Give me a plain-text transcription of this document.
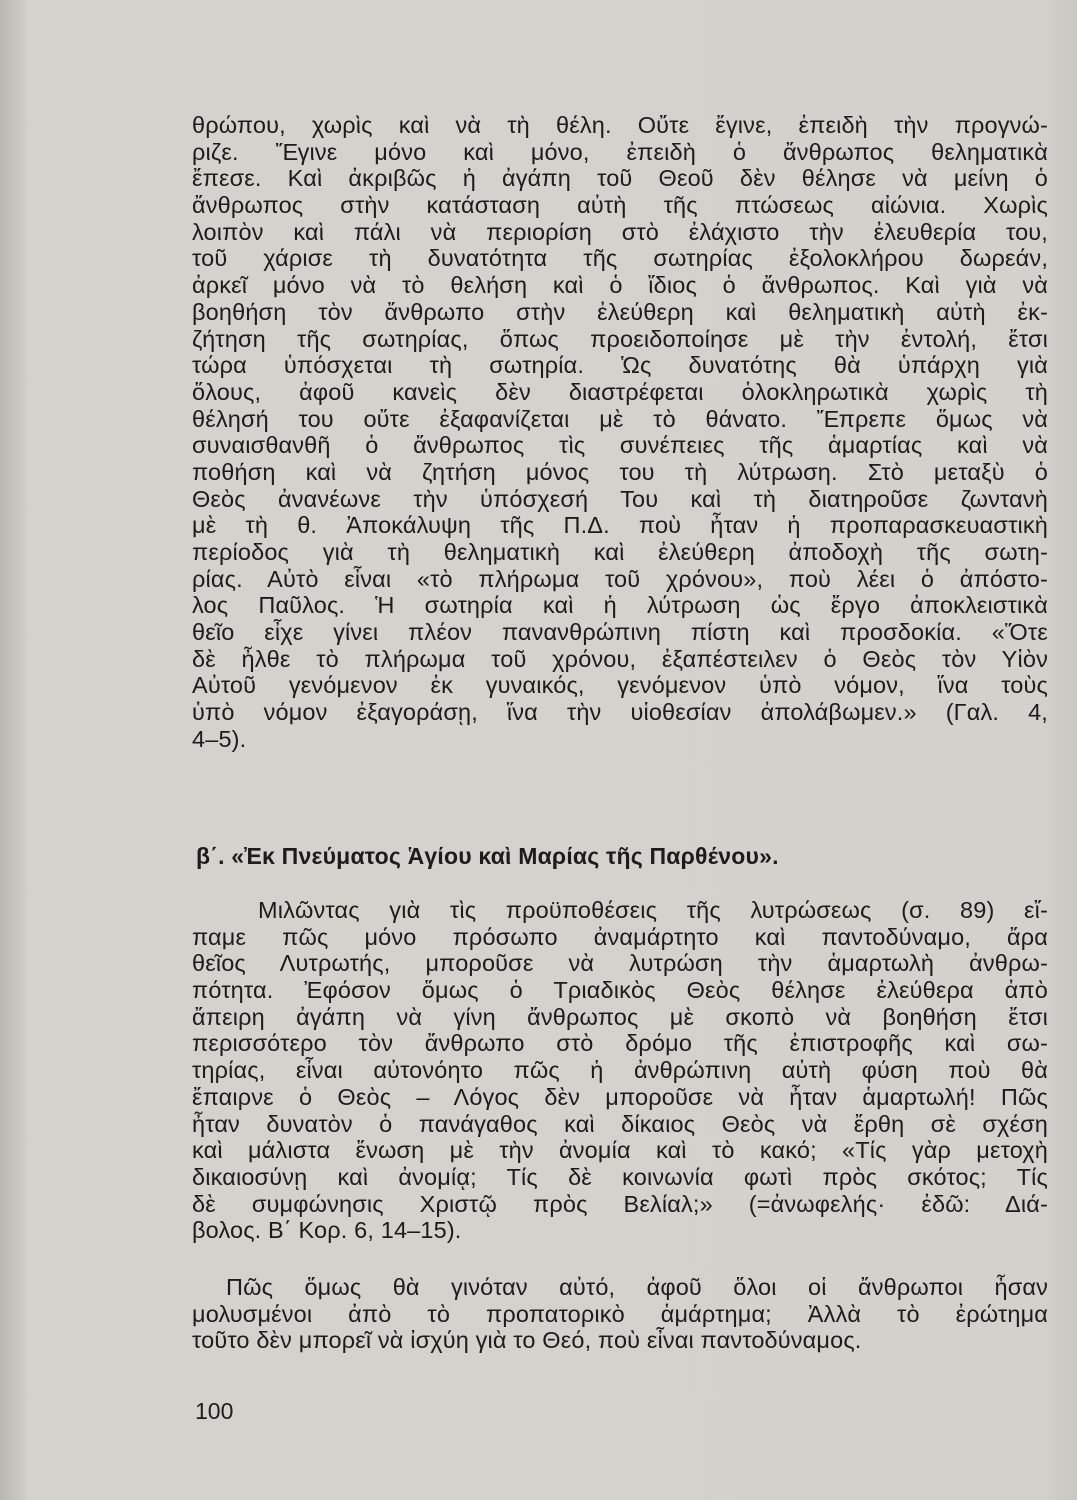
θρώπου, χωρὶς καὶ νὰ τὴ θέλη. Οὔτε ἔγινε, ἐπειδὴ τὴν προγνώ-
ριζε. Ἔγινε μόνο καὶ μόνο, ἐπειδὴ ὁ ἄνθρωπος θεληματικὰ
ἔπεσε. Καὶ ἀκριβῶς ἡ ἀγάπη τοῦ Θεοῦ δὲν θέλησε νὰ μείνη ὁ
ἄνθρωπος στὴν κατάσταση αὐτὴ τῆς πτώσεως αἰώνια. Χωρὶς
λοιπὸν καὶ πάλι νὰ περιορίση στὸ ἐλάχιστο τὴν ἐλευθερία του,
τοῦ χάρισε τὴ δυνατότητα τῆς σωτηρίας ἐξολοκλήρου δωρεάν,
ἀρκεῖ μόνο νὰ τὸ θελήση καὶ ὁ ἴδιος ὁ ἄνθρωπος. Καὶ γιὰ νὰ
βοηθήση τὸν ἄνθρωπο στὴν ἐλεύθερη καὶ θεληματικὴ αὐτὴ ἐκ-
ζήτηση τῆς σωτηρίας, ὅπως προειδοποίησε μὲ τὴν ἐντολή, ἔτσι
τώρα ὑπόσχεται τὴ σωτηρία. Ὡς δυνατότης θὰ ὑπάρχη γιὰ
ὅλους, ἀφοῦ κανεὶς δὲν διαστρέφεται ὁλοκληρωτικὰ χωρὶς τὴ
θέλησή του οὔτε ἐξαφανίζεται μὲ τὸ θάνατο. Ἔπρεπε ὅμως νὰ
συναισθανθῆ ὁ ἄνθρωπος τὶς συνέπειες τῆς ἁμαρτίας καὶ νὰ
ποθήση καὶ νὰ ζητήση μόνος του τὴ λύτρωση. Στὸ μεταξὺ ὁ
Θεὸς ἀνανέωνε τὴν ὑπόσχεσή Του καὶ τὴ διατηροῦσε ζωντανὴ
μὲ τὴ θ. Ἀποκάλυψη τῆς Π.Δ. ποὺ ἦταν ἡ προπαρασκευαστικὴ
περίοδος γιὰ τὴ θεληματικὴ καὶ ἐλεύθερη ἀποδοχὴ τῆς σωτη-
ρίας. Αὐτὸ εἶναι «τὸ πλήρωμα τοῦ χρόνου», ποὺ λέει ὁ ἀπόστο-
λος Παῦλος. Ἡ σωτηρία καὶ ἡ λύτρωση ὡς ἔργο ἀποκλειστικὰ
θεῖο εἶχε γίνει πλέον πανανθρώπινη πίστη καὶ προσδοκία. «Ὅτε
δὲ ἦλθε τὸ πλήρωμα τοῦ χρόνου, ἐξαπέστειλεν ὁ Θεὸς τὸν Υἱὸν
Αὐτοῦ γενόμενον ἐκ γυναικός, γενόμενον ὑπὸ νόμον, ἵνα τοὺς
ὑπὸ νόμον ἐξαγοράσῃ, ἵνα τὴν υἱοθεσίαν ἀπολάβωμεν.» (Γαλ. 4,
4–5).
β΄. «Ἐκ Πνεύματος Ἁγίου καὶ Μαρίας τῆς Παρθένου».
Μιλῶντας γιὰ τὶς προϋποθέσεις τῆς λυτρώσεως (σ. 89) εἴ-
παμε πῶς μόνο πρόσωπο ἀναμάρτητο καὶ παντοδύναμο, ἄρα
θεῖος Λυτρωτής, μποροῦσε νὰ λυτρώση τὴν ἁμαρτωλὴ ἀνθρω-
πότητα. Ἐφόσον ὅμως ὁ Τριαδικὸς Θεὸς θέλησε ἐλεύθερα ἀπὸ
ἄπειρη ἀγάπη νὰ γίνη ἄνθρωπος μὲ σκοπὸ νὰ βοηθήση ἔτσι
περισσότερο τὸν ἄνθρωπο στὸ δρόμο τῆς ἐπιστροφῆς καὶ σω-
τηρίας, εἶναι αὐτονόητο πῶς ἡ ἀνθρώπινη αὐτὴ φύση ποὺ θὰ
ἔπαιρνε ὁ Θεὸς – Λόγος δὲν μποροῦσε νὰ ἦταν ἁμαρτωλή! Πῶς
ἦταν δυνατὸν ὁ πανάγαθος καὶ δίκαιος Θεὸς νὰ ἔρθη σὲ σχέση
καὶ μάλιστα ἕνωση μὲ τὴν ἀνομία καὶ τὸ κακό; «Τίς γὰρ μετοχὴ
δικαιοσύνῃ καὶ ἀνομίᾳ; Τίς δὲ κοινωνία φωτὶ πρὸς σκότος; Τίς
δὲ συμφώνησις Χριστῷ πρὸς Βελίαλ;» (=ἀνωφελής· ἐδῶ: Διά-
βολος. Β΄ Κορ. 6, 14–15).
Πῶς ὅμως θὰ γινόταν αὐτό, ἀφοῦ ὅλοι οἱ ἄνθρωποι ἦσαν
μολυσμένοι ἀπὸ τὸ προπατορικὸ ἁμάρτημα; Ἀλλὰ τὸ ἐρώτημα
τοῦτο δὲν μπορεῖ νὰ ἰσχύη γιὰ το Θεό, ποὺ εἶναι παντοδύναμος.
100
